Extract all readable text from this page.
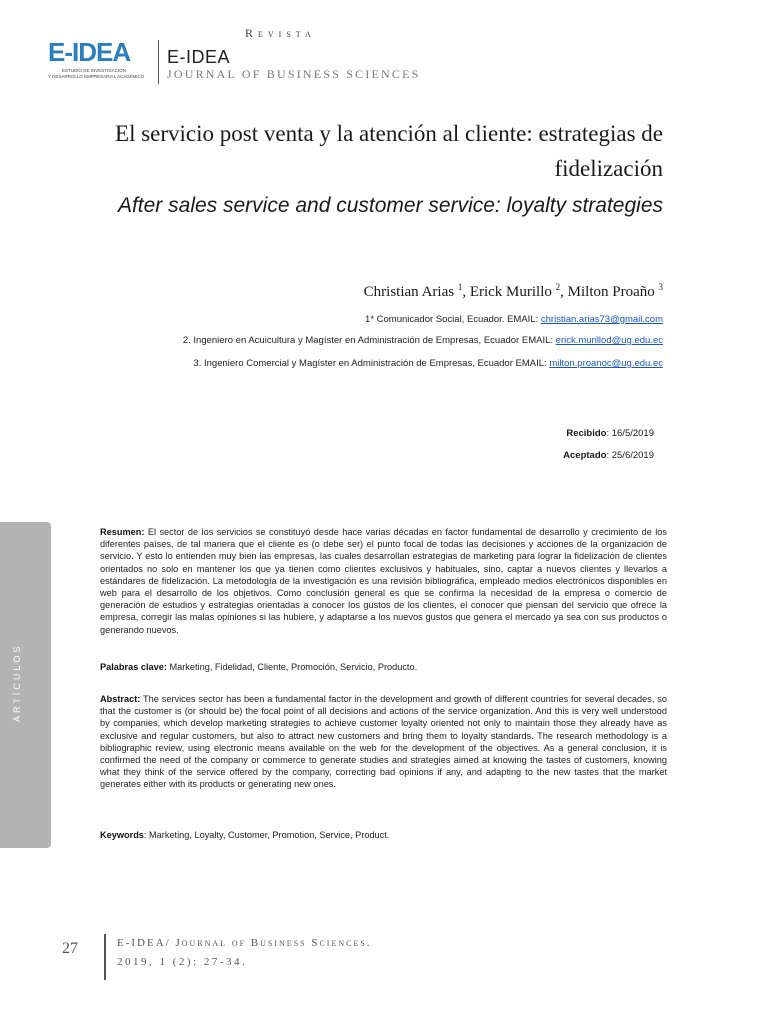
E-IDEA
ESTUDIO DE INVESTIGACIÓN
Y DESARROLLO EMPRESARIAL ACADÉMICO
Revista
E-IDEA
JOURNAL OF BUSINESS SCIENCES
El servicio post venta y la atención al cliente: estrategias de fidelización
After sales service and customer service: loyalty strategies
Christian Arias $^1$, Erick Murillo $^2$, Milton Proaño $^3$
1* Comunicador Social, Ecuador. EMAIL: christian.arias73@gmail.com
2. Ingeniero en Acuicultura y Magíster en Administración de Empresas, Ecuador EMAIL: erick.murillod@ug.edu.ec
3. Ingeniero Comercial y Magíster en Administración de Empresas, Ecuador EMAIL: milton.proanoc@ug.edu.ec
Recibido: 16/5/2019
Aceptado: 25/6/2019
ARTÍCULOS
Resumen: El sector de los servicios se constituyó desde hace varias décadas en factor fundamental de desarrollo y crecimiento de los diferentes países, de tal manera que el cliente es (o debe ser) el punto focal de todas las decisiones y acciones de la organización de servicio. Y esto lo entienden muy bien las empresas, las cuales desarrollan estrategias de marketing para lograr la fidelización de clientes orientados no solo en mantener los que ya tienen como clientes exclusivos y habituales, sino, captar a nuevos clientes y llevarlos a estándares de fidelización. La metodología de la investigación es una revisión bibliográfica, empleado medios electrónicos disponibles en web para el desarrollo de los objetivos. Como conclusión general es que se confirma la necesidad de la empresa o comercio de generación de estudios y estrategias orientadas a conocer los gustos de los clientes, el conocer que piensan del servicio que ofrece la empresa, corregir las malas opiniones si las hubiere, y adaptarse a los nuevos gustos que genera el mercado ya sea con sus productos o generando nuevos.
Palabras clave: Marketing, Fidelidad, Cliente, Promoción, Servicio, Producto.
Abstract: The services sector has been a fundamental factor in the development and growth of different countries for several decades, so that the customer is (or should be) the focal point of all decisions and actions of the service organization. And this is very well understood by companies, which develop marketing strategies to achieve customer loyalty oriented not only to maintain those they already have as exclusive and regular customers, but also to attract new customers and bring them to loyalty standards. The research methodology is a bibliographic review, using electronic means available on the web for the development of the objectives. As a general conclusion, it is confirmed the need of the company or commerce to generate studies and strategies aimed at knowing the tastes of customers, knowing what they think of the service offered by the company, correcting bad opinions if any, and adapting to the new tastes that the market generates either with its products or generating new ones.
Keywords: Marketing, Loyalty, Customer, Promotion, Service, Product.
27	E-IDEA/ Journal of Business Sciences.
2019, 1 (2): 27-34.
